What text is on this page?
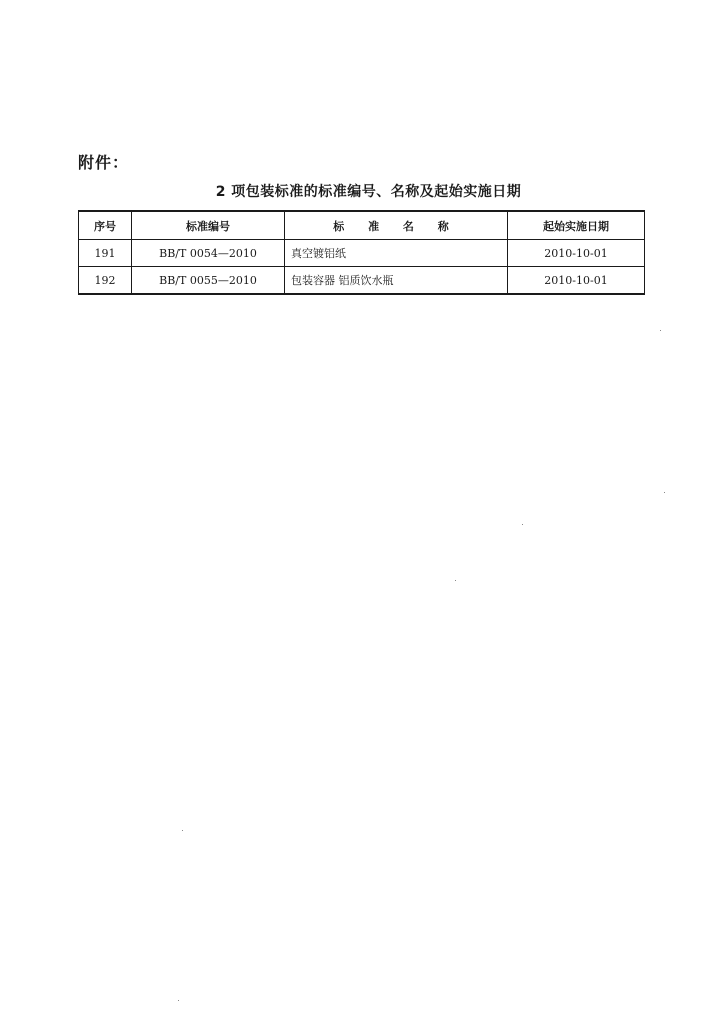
附件：
2 项包装标准的标准编号、名称及起始实施日期
序号	标准编号	标 准 名 称	起始实施日期
191	BB/T 0054—2010	真空镀铝纸	2010-10-01
192	BB/T 0055—2010	包装容器 铝质饮水瓶	2010-10-01
